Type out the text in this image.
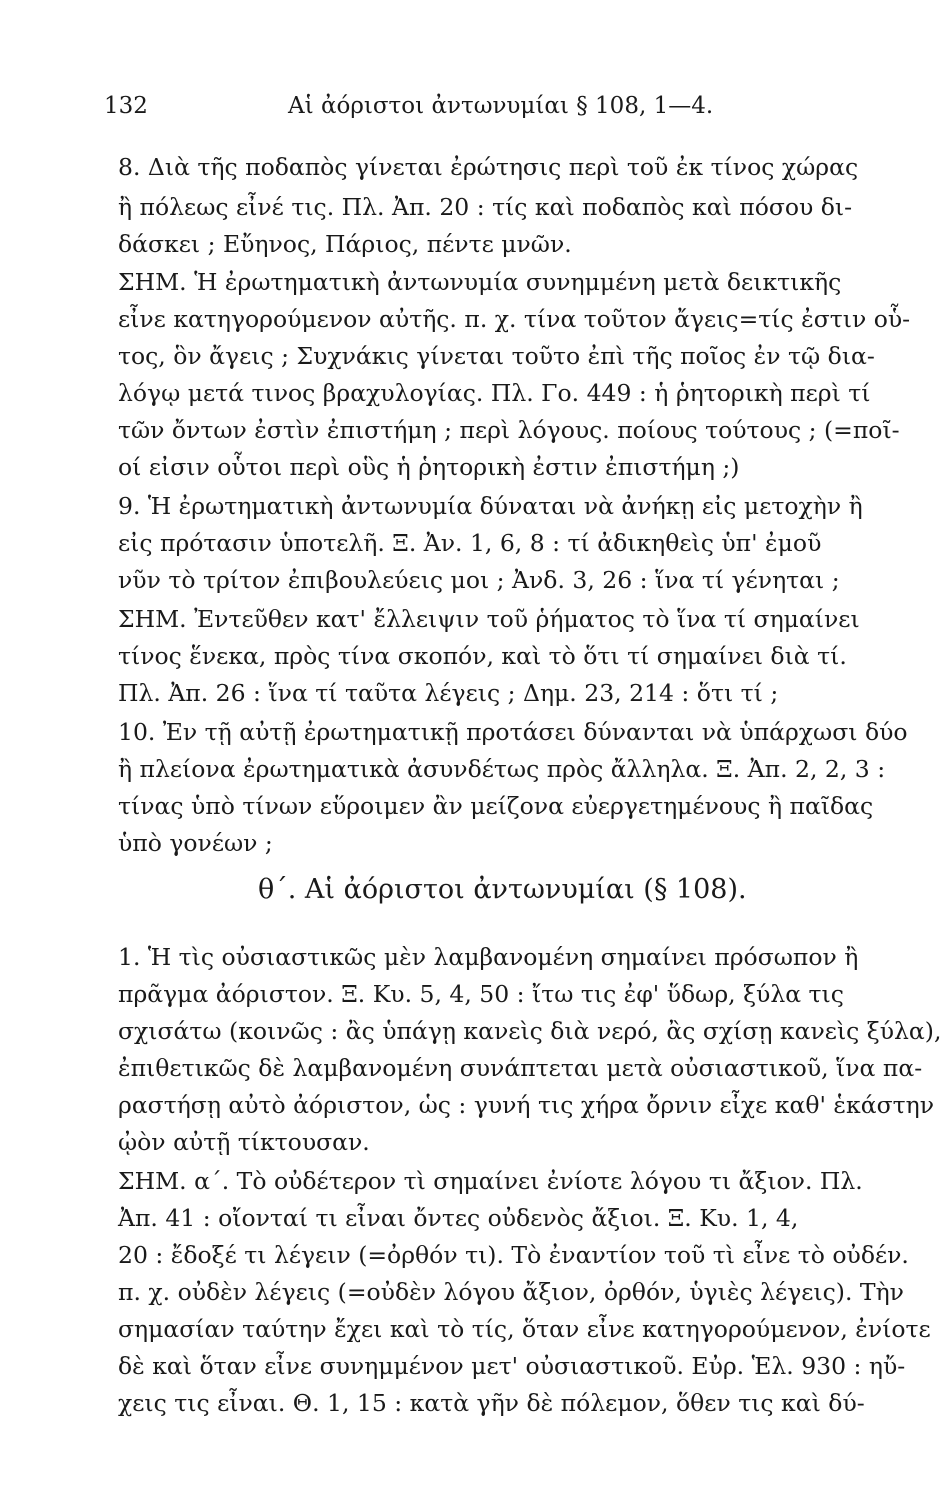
132	Αἱ ἀόριστοι ἀντωνυμίαι § 108, 1—4.
8. Διὰ τῆς ποδαπὸς γίνεται ἐρώτησις περὶ τοῦ ἐκ τίνος χώρας
ἢ πόλεως εἶνέ τις. Πλ. Ἀπ. 20 : τίς καὶ ποδαπὸς καὶ πόσου δι-
δάσκει ; Εὔηνος, Πάριος, πέντε μνῶν.
ΣΗΜ. Ἡ ἐρωτηματικὴ ἀντωνυμία συνημμένη μετὰ δεικτικῆς
εἶνε κατηγορούμενον αὐτῆς. π. χ. τίνα τοῦτον ἄγεις=τίς ἐστιν οὗ-
τος, ὃν ἄγεις ; Συχνάκις γίνεται τοῦτο ἐπὶ τῆς ποῖος ἐν τῷ δια-
λόγῳ μετά τινος βραχυλογίας. Πλ. Γο. 449 : ἡ ῥητορικὴ περὶ τί
τῶν ὄντων ἐστὶν ἐπιστήμη ; περὶ λόγους. ποίους τούτους ; (=ποῖ-
οί εἰσιν οὗτοι περὶ οὓς ἡ ῥητορικὴ ἐστιν ἐπιστήμη ;)
9. Ἡ ἐρωτηματικὴ ἀντωνυμία δύναται νὰ ἀνήκῃ εἰς μετοχὴν ἢ
εἰς πρότασιν ὑποτελῆ. Ξ. Ἀν. 1, 6, 8 : τί ἀδικηθεὶς ὑπ' ἐμοῦ
νῦν τὸ τρίτον ἐπιβουλεύεις μοι ; Ἀνδ. 3, 26 : ἵνα τί γένηται ;
ΣΗΜ. Ἐντεῦθεν κατ' ἔλλειψιν τοῦ ῥήματος τὸ ἵνα τί σημαίνει
τίνος ἕνεκα, πρὸς τίνα σκοπόν, καὶ τὸ ὅτι τί σημαίνει διὰ τί.
Πλ. Ἀπ. 26 : ἵνα τί ταῦτα λέγεις ; Δημ. 23, 214 : ὅτι τί ;
10. Ἐν τῇ αὐτῇ ἐρωτηματικῇ προτάσει δύνανται νὰ ὑπάρχωσι δύο
ἢ πλείονα ἐρωτηματικὰ ἀσυνδέτως πρὸς ἄλληλα. Ξ. Ἀπ. 2, 2, 3 :
τίνας ὑπὸ τίνων εὕροιμεν ἂν μείζονα εὐεργετημένους ἢ παῖδας
ὑπὸ γονέων ;
θ΄. Αἱ ἀόριστοι ἀντωνυμίαι (§ 108).
1. Ἡ τὶς οὐσιαστικῶς μὲν λαμβανομένη σημαίνει πρόσωπον ἢ
πρᾶγμα ἀόριστον. Ξ. Κυ. 5, 4, 50 : ἴτω τις ἐφ' ὕδωρ, ξύλα τις
σχισάτω (κοινῶς : ἂς ὑπάγῃ κανεὶς διὰ νερό, ἂς σχίσῃ κανεὶς ξύλα),
ἐπιθετικῶς δὲ λαμβανομένη συνάπτεται μετὰ οὐσιαστικοῦ, ἵνα πα-
ραστήσῃ αὐτὸ ἀόριστον, ὡς : γυνή τις χήρα ὄρνιν εἶχε καθ' ἑκάστην
ᾠὸν αὐτῇ τίκτουσαν.
ΣΗΜ. α΄. Τὸ οὐδέτερον τὶ σημαίνει ἐνίοτε λόγου τι ἄξιον. Πλ.
Ἀπ. 41 : οἴονταί τι εἶναι ὄντες οὐδενὸς ἄξιοι. Ξ. Κυ. 1, 4,
20 : ἔδοξέ τι λέγειν (=ὀρθόν τι). Τὸ ἐναντίον τοῦ τὶ εἶνε τὸ οὐδέν.
π. χ. οὐδὲν λέγεις (=οὐδὲν λόγου ἄξιον, ὀρθόν, ὑγιὲς λέγεις). Τὴν
σημασίαν ταύτην ἔχει καὶ τὸ τίς, ὅταν εἶνε κατηγορούμενον, ἐνίοτε
δὲ καὶ ὅταν εἶνε συνημμένον μετ' οὐσιαστικοῦ. Εὐρ. Ἑλ. 930 : ηὔ-
χεις τις εἶναι. Θ. 1, 15 : κατὰ γῆν δὲ πόλεμον, ὅθεν τις καὶ δύ-
